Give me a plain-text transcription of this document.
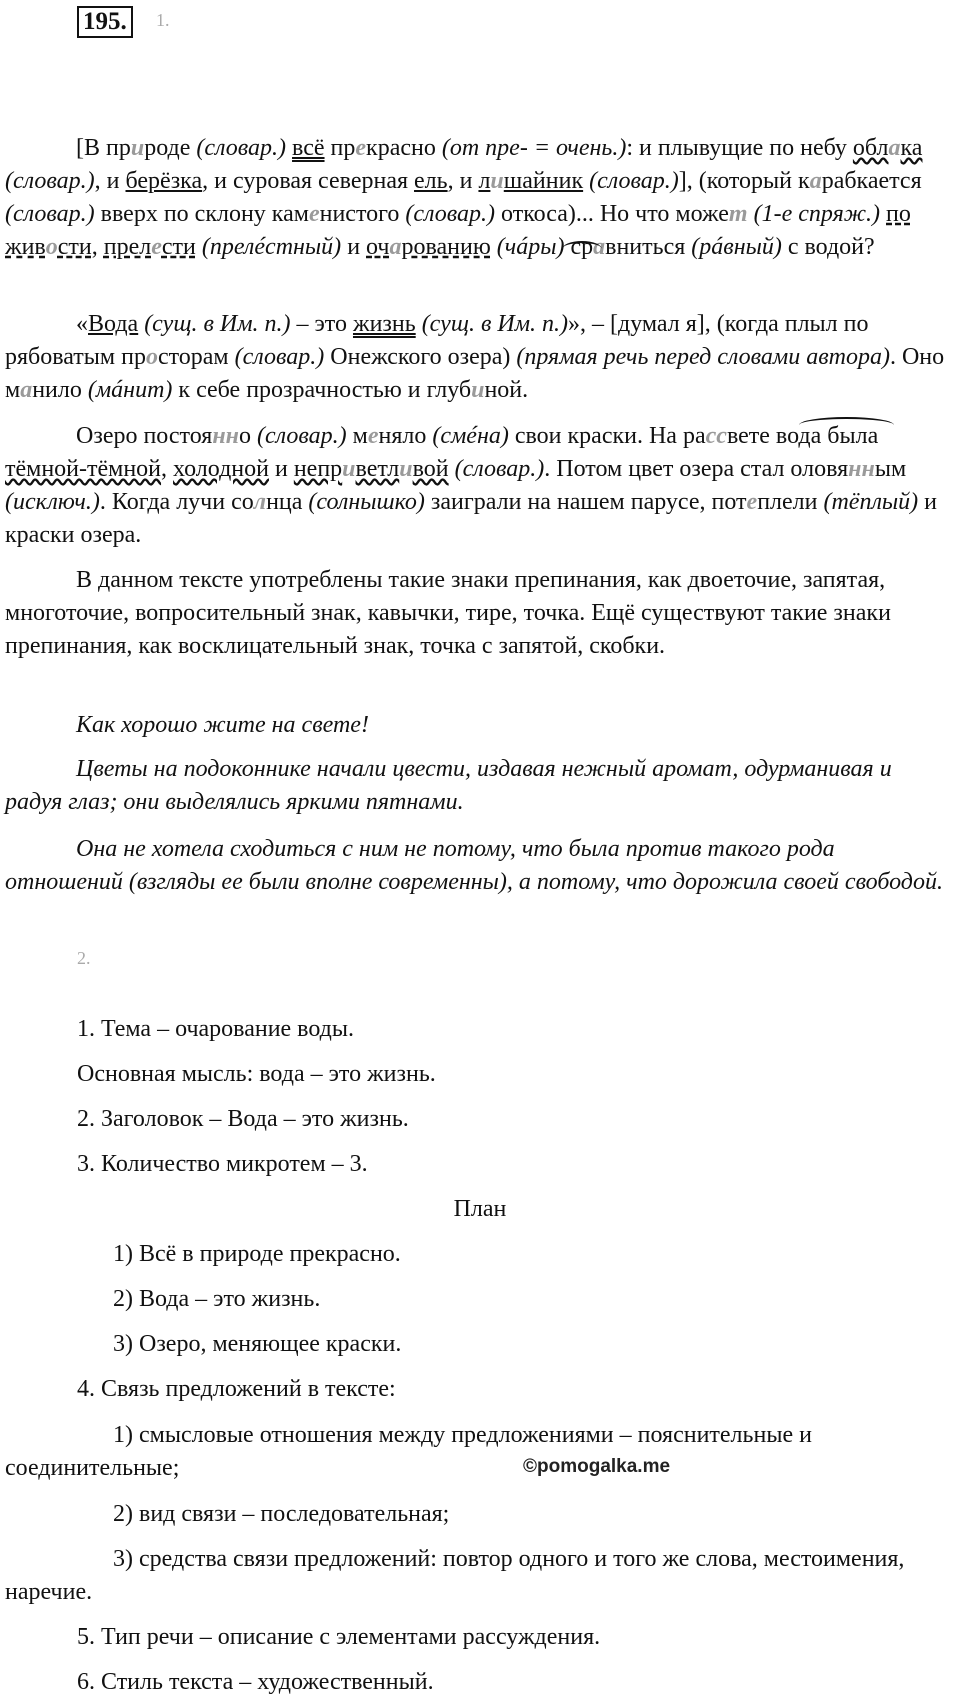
195.	1.

[В природе (словар.) всё прекрасно (от пре- = очень.): и плывущие по небу облака (словар.), и берёзка, и суровая северная ель, и лишайник (словар.)], (который карабкается (словар.) вверх по склону каменистого (словар.) откоса)... Но что может (1-е спряж.) по живости, прелести (прелéстный) и очарованию (чáры) сравниться (рáвный) с водой?

«Вода (сущ. в Им. п.) – это жизнь (сущ. в Им. п.)», – [думал я], (когда плыл по рябоватым просторам (словар.) Онежского озера) (прямая речь перед словами автора). Оно манило (мáнит) к себе прозрачностью и глубиной.

Озеро постоянно (словар.) меняло (смéна) свои краски. На рассвете вода была тёмной-тёмной, холодной и неприветливой (словар.). Потом цвет озера стал оловянным (исключ.). Когда лучи солнца (солнышко) заиграли на нашем парусе, потеплели (тёплый) и краски озера.

В данном тексте употреблены такие знаки препинания, как двоеточие, запятая, многоточие, вопросительный знак, кавычки, тире, точка. Ещё существуют такие знаки препинания, как восклицательный знак, точка с запятой, скобки.

Как хорошо жите на свете!

Цветы на подоконнике начали цвести, издавая нежный аромат, одурманивая и радуя глаз; они выделялись яркими пятнами.

Она не хотела сходиться с ним не потому, что была против такого рода отношений (взгляды ее были вполне современны), а потому, что дорожила своей свободой.

2.

1. Тема – очарование воды.

Основная мысль: вода – это жизнь.

2. Заголовок – Вода – это жизнь.

3. Количество микротем – 3.

План

1) Всё в природе прекрасно.

2) Вода – это жизнь.

3) Озеро, меняющее краски.

4. Связь предложений в тексте:

1) смысловые отношения между предложениями – пояснительные и соединительные;

2) вид связи – последовательная;

3) средства связи предложений: повтор одного и того же слова, местоимения, наречие.

5. Тип речи – описание с элементами рассуждения.

6. Стиль текста – художественный.

©pomogalka.me
